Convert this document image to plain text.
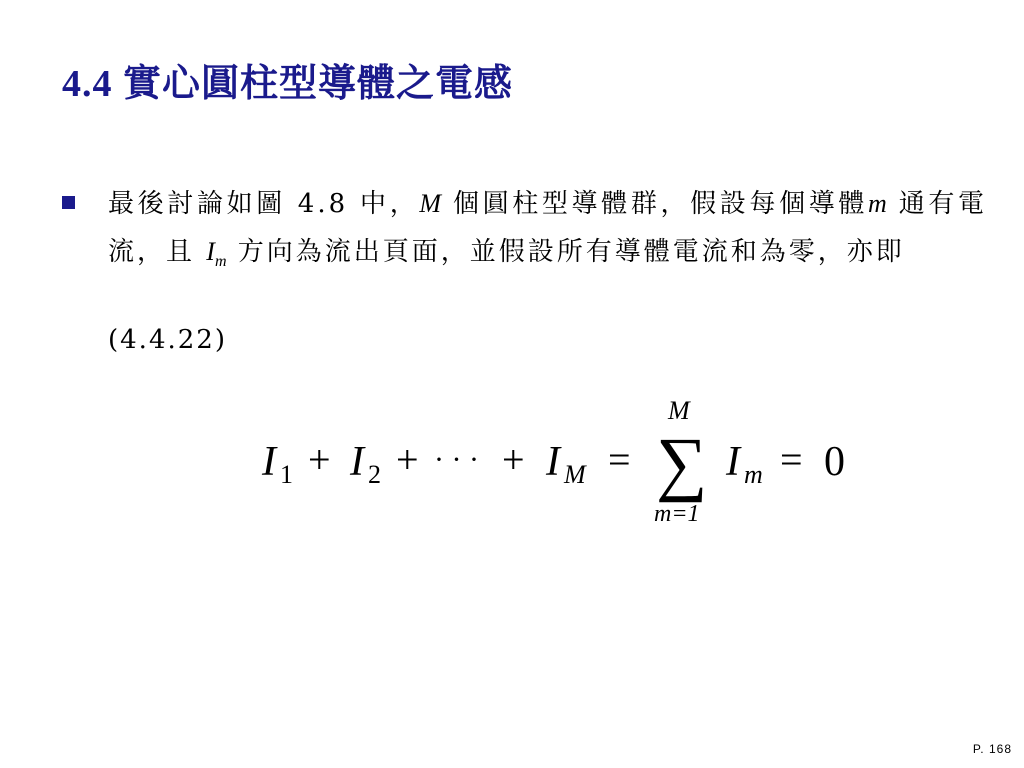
4.4 實心圓柱型導體之電感
最後討論如圖 4.8 中，M 個圓柱型導體群，假設每個導體m 通有電流，且 $I_m$ 方向為流出頁面，並假設所有導體電流和為零，亦即
(4.4.22)
I 1 + I 2 + · · · + I M =
M
∑
m=1
I m = 0
P. 168
